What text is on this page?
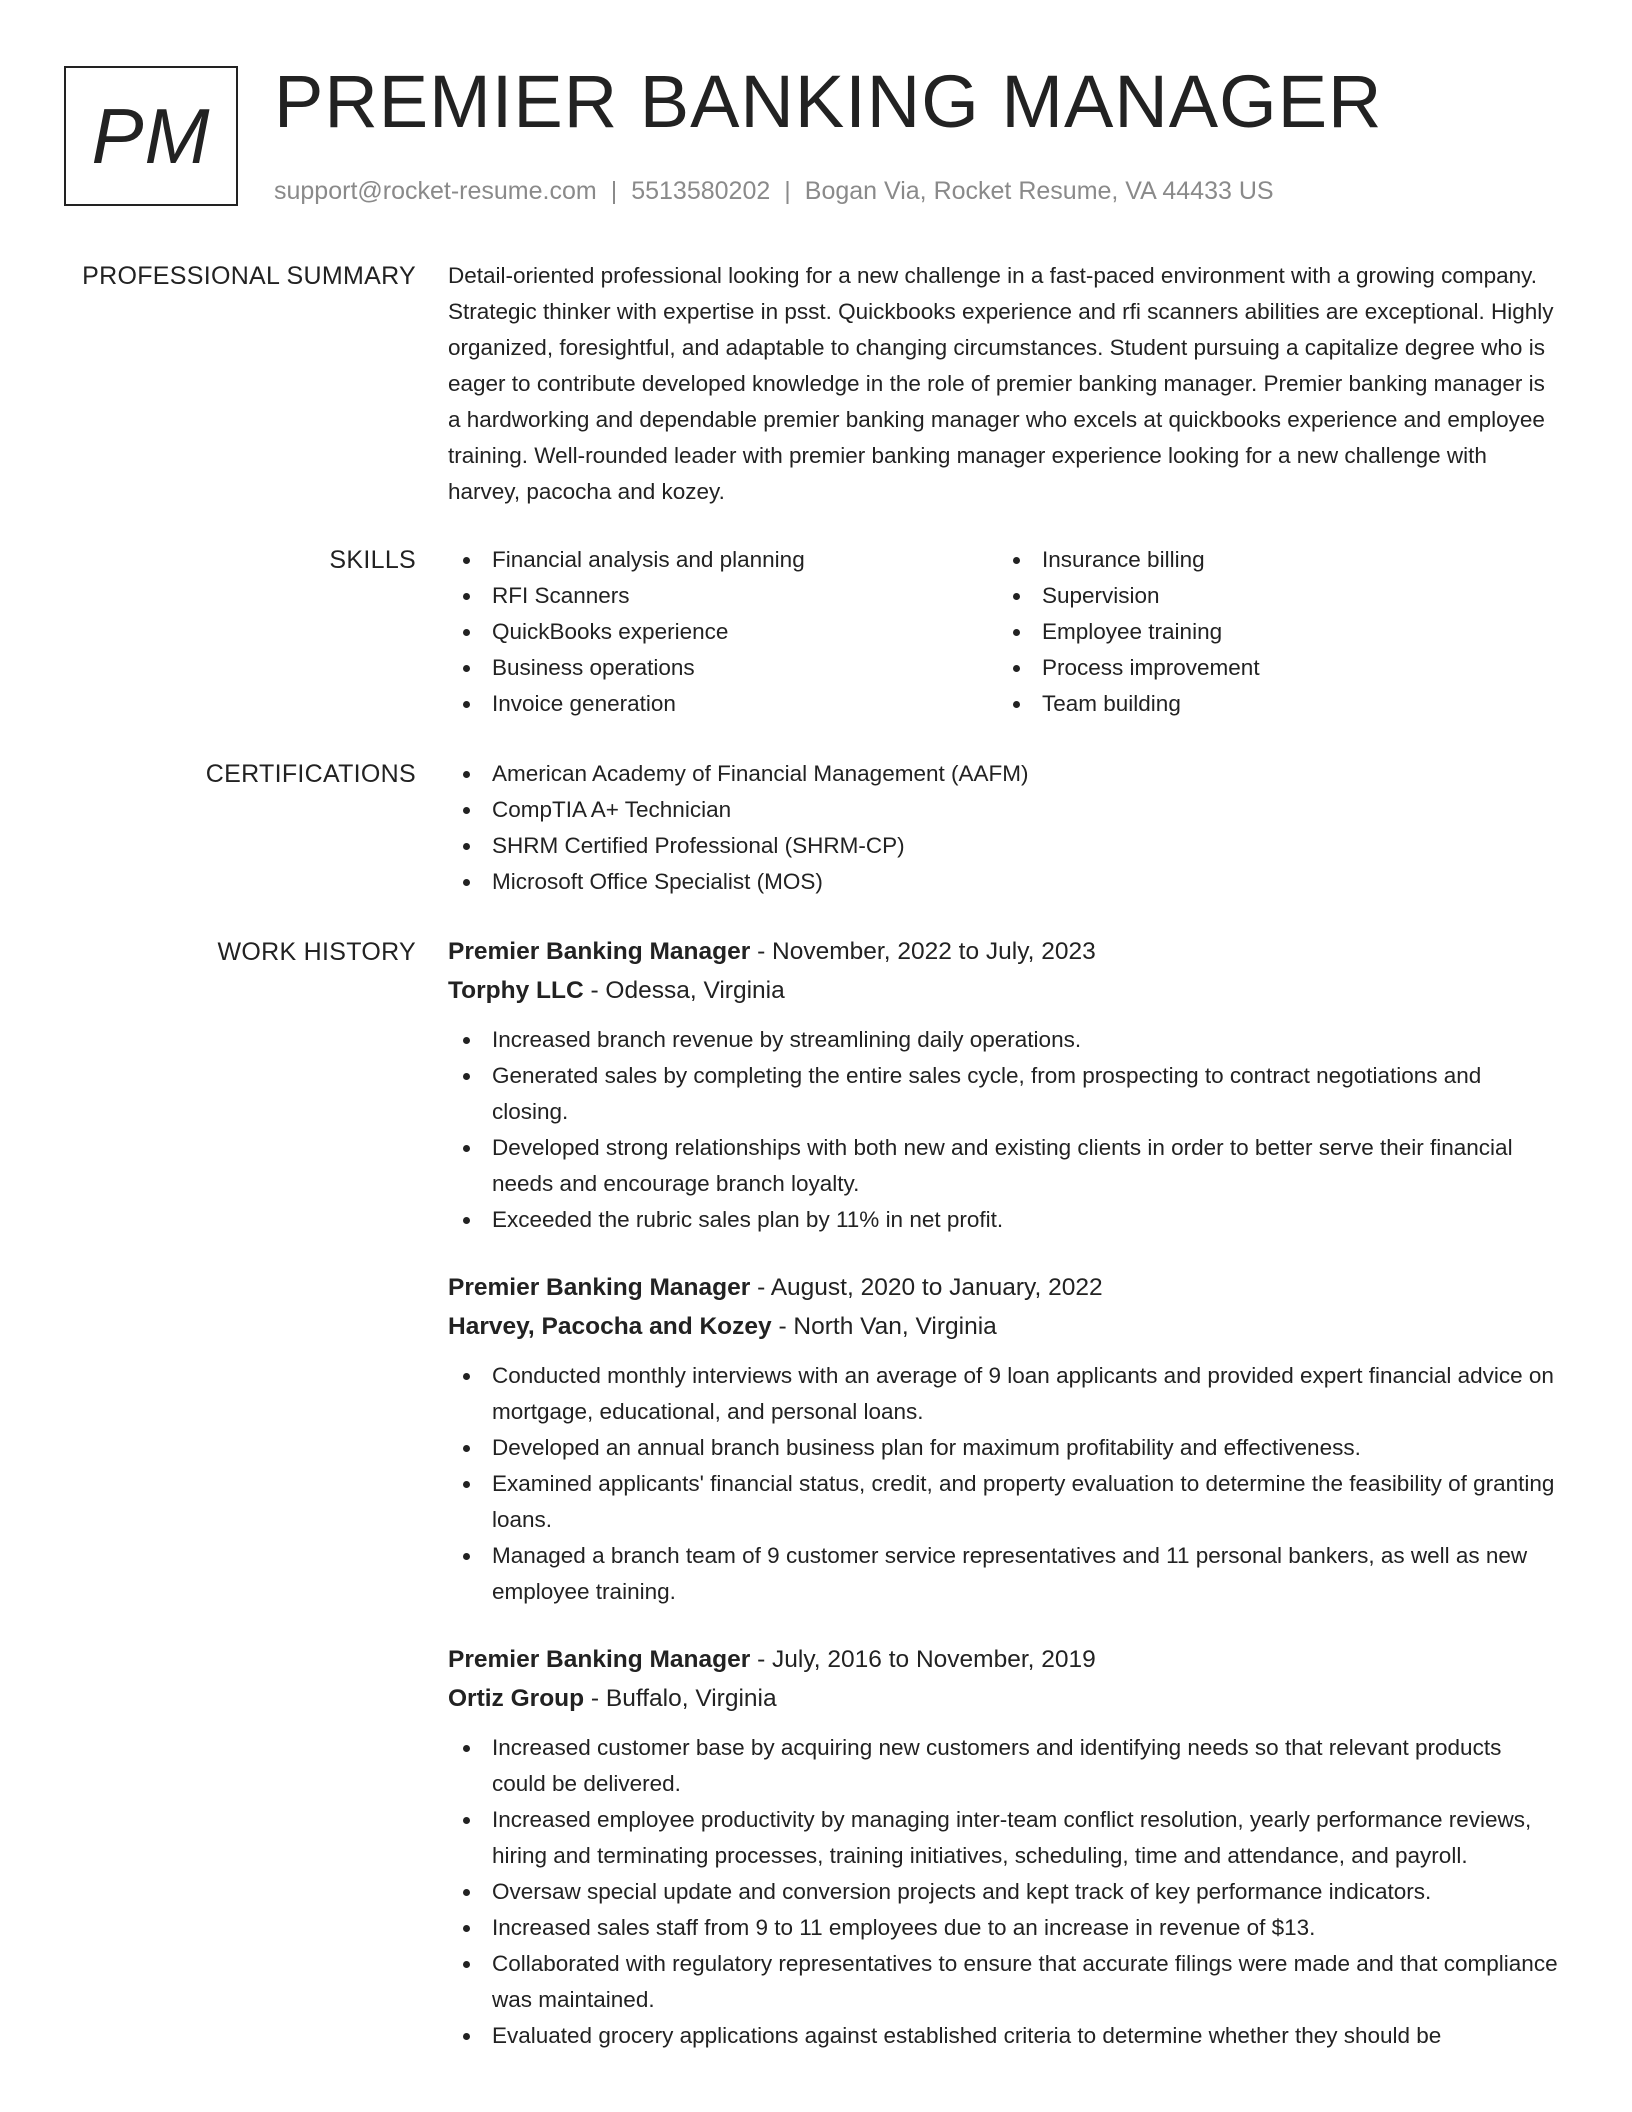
PM PREMIER BANKING MANAGER
support@rocket-resume.com | 5513580202 | Bogan Via, Rocket Resume, VA 44433 US
PROFESSIONAL SUMMARY Detail-oriented professional looking for a new challenge in a fast-paced environment with a growing company. Strategic thinker with expertise in psst. Quickbooks experience and rfi scanners abilities are exceptional. Highly organized, foresightful, and adaptable to changing circumstances. Student pursuing a capitalize degree who is eager to contribute developed knowledge in the role of premier banking manager. Premier banking manager is a hardworking and dependable premier banking manager who excels at quickbooks experience and employee training. Well-rounded leader with premier banking manager experience looking for a new challenge with harvey, pacocha and kozey.

SKILLS	Financial analysis and planning
RFI Scanners
QuickBooks experience
Business operations
Invoice generation
Insurance billing
Supervision
Employee training
Process improvement
Team building
CERTIFICATIONS	American Academy of Financial Management (AAFM)
CompTIA A+ Technician
SHRM Certified Professional (SHRM-CP)
Microsoft Office Specialist (MOS)
WORK HISTORY Premier Banking Manager - November, 2022 to July, 2023
Torphy LLC - Odessa, Virginia
Increased branch revenue by streamlining daily operations.
Generated sales by completing the entire sales cycle, from prospecting to contract negotiations and closing.
Developed strong relationships with both new and existing clients in order to better serve their financial needs and encourage branch loyalty.
Exceeded the rubric sales plan by 11% in net profit.
Premier Banking Manager - August, 2020 to January, 2022
Harvey, Pacocha and Kozey - North Van, Virginia
Conducted monthly interviews with an average of 9 loan applicants and provided expert financial advice on mortgage, educational, and personal loans.
Developed an annual branch business plan for maximum profitability and effectiveness.
Examined applicants' financial status, credit, and property evaluation to determine the feasibility of granting loans.
Managed a branch team of 9 customer service representatives and 11 personal bankers, as well as new employee training.
Premier Banking Manager - July, 2016 to November, 2019
Ortiz Group - Buffalo, Virginia
Increased customer base by acquiring new customers and identifying needs so that relevant products could be delivered.
Increased employee productivity by managing inter-team conflict resolution, yearly performance reviews, hiring and terminating processes, training initiatives, scheduling, time and attendance, and payroll.
Oversaw special update and conversion projects and kept track of key performance indicators.
Increased sales staff from 9 to 11 employees due to an increase in revenue of $13.
Collaborated with regulatory representatives to ensure that accurate filings were made and that compliance was maintained.
Evaluated grocery applications against established criteria to determine whether they should be
